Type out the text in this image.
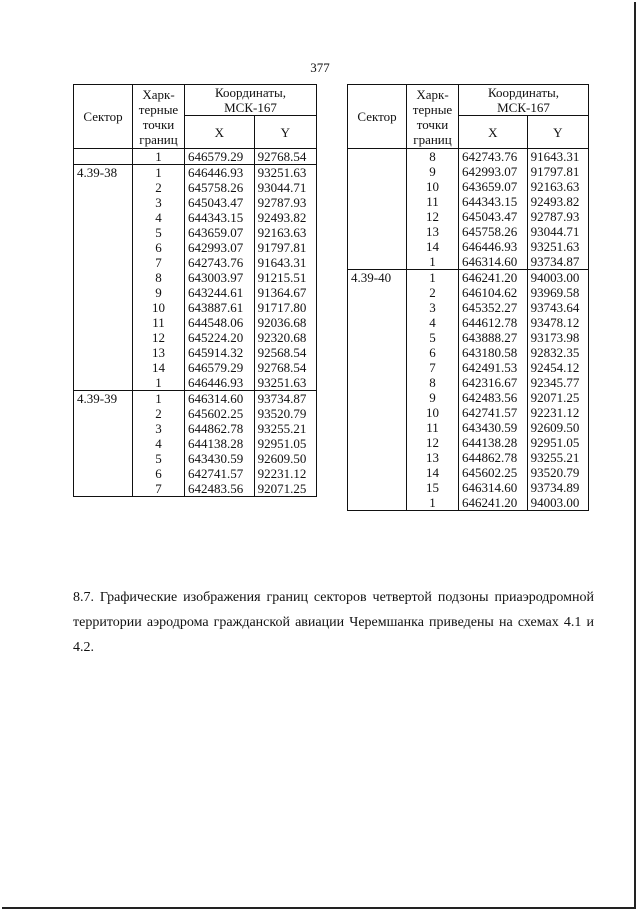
377
Сектор	Харк-
терные
точки
границ	Координаты,
МСК-167	
		X	Y
	1	646579.29	92768.54
4.39-38	1	646446.93	93251.63
	2	645758.26	93044.71
	3	645043.47	92787.93
	4	644343.15	92493.82
	5	643659.07	92163.63
	6	642993.07	91797.81
	7	642743.76	91643.31
	8	643003.97	91215.51
	9	643244.61	91364.67
	10	643887.61	91717.80
	11	644548.06	92036.68
	12	645224.20	92320.68
	13	645914.32	92568.54
	14	646579.29	92768.54
	1	646446.93	93251.63
4.39-39	1	646314.60	93734.87
	2	645602.25	93520.79
	3	644862.78	93255.21
	4	644138.28	92951.05
	5	643430.59	92609.50
	6	642741.57	92231.12
	7	642483.56	92071.25
Сектор	Харк-
терные
точки
границ	Координаты,
МСК-167	
		X	Y
	8	642743.76	91643.31
	9	642993.07	91797.81
	10	643659.07	92163.63
	11	644343.15	92493.82
	12	645043.47	92787.93
	13	645758.26	93044.71
	14	646446.93	93251.63
	1	646314.60	93734.87
4.39-40	1	646241.20	94003.00
	2	646104.62	93969.58
	3	645352.27	93743.64
	4	644612.78	93478.12
	5	643888.27	93173.98
	6	643180.58	92832.35
	7	642491.53	92454.12
	8	642316.67	92345.77
	9	642483.56	92071.25
	10	642741.57	92231.12
	11	643430.59	92609.50
	12	644138.28	92951.05
	13	644862.78	93255.21
	14	645602.25	93520.79
	15	646314.60	93734.89
	1	646241.20	94003.00

8.7. Графические изображения границ секторов четвертой подзоны приаэродромной территории аэродрома гражданской авиации Черемшанка приведены на схемах 4.1 и 4.2.
